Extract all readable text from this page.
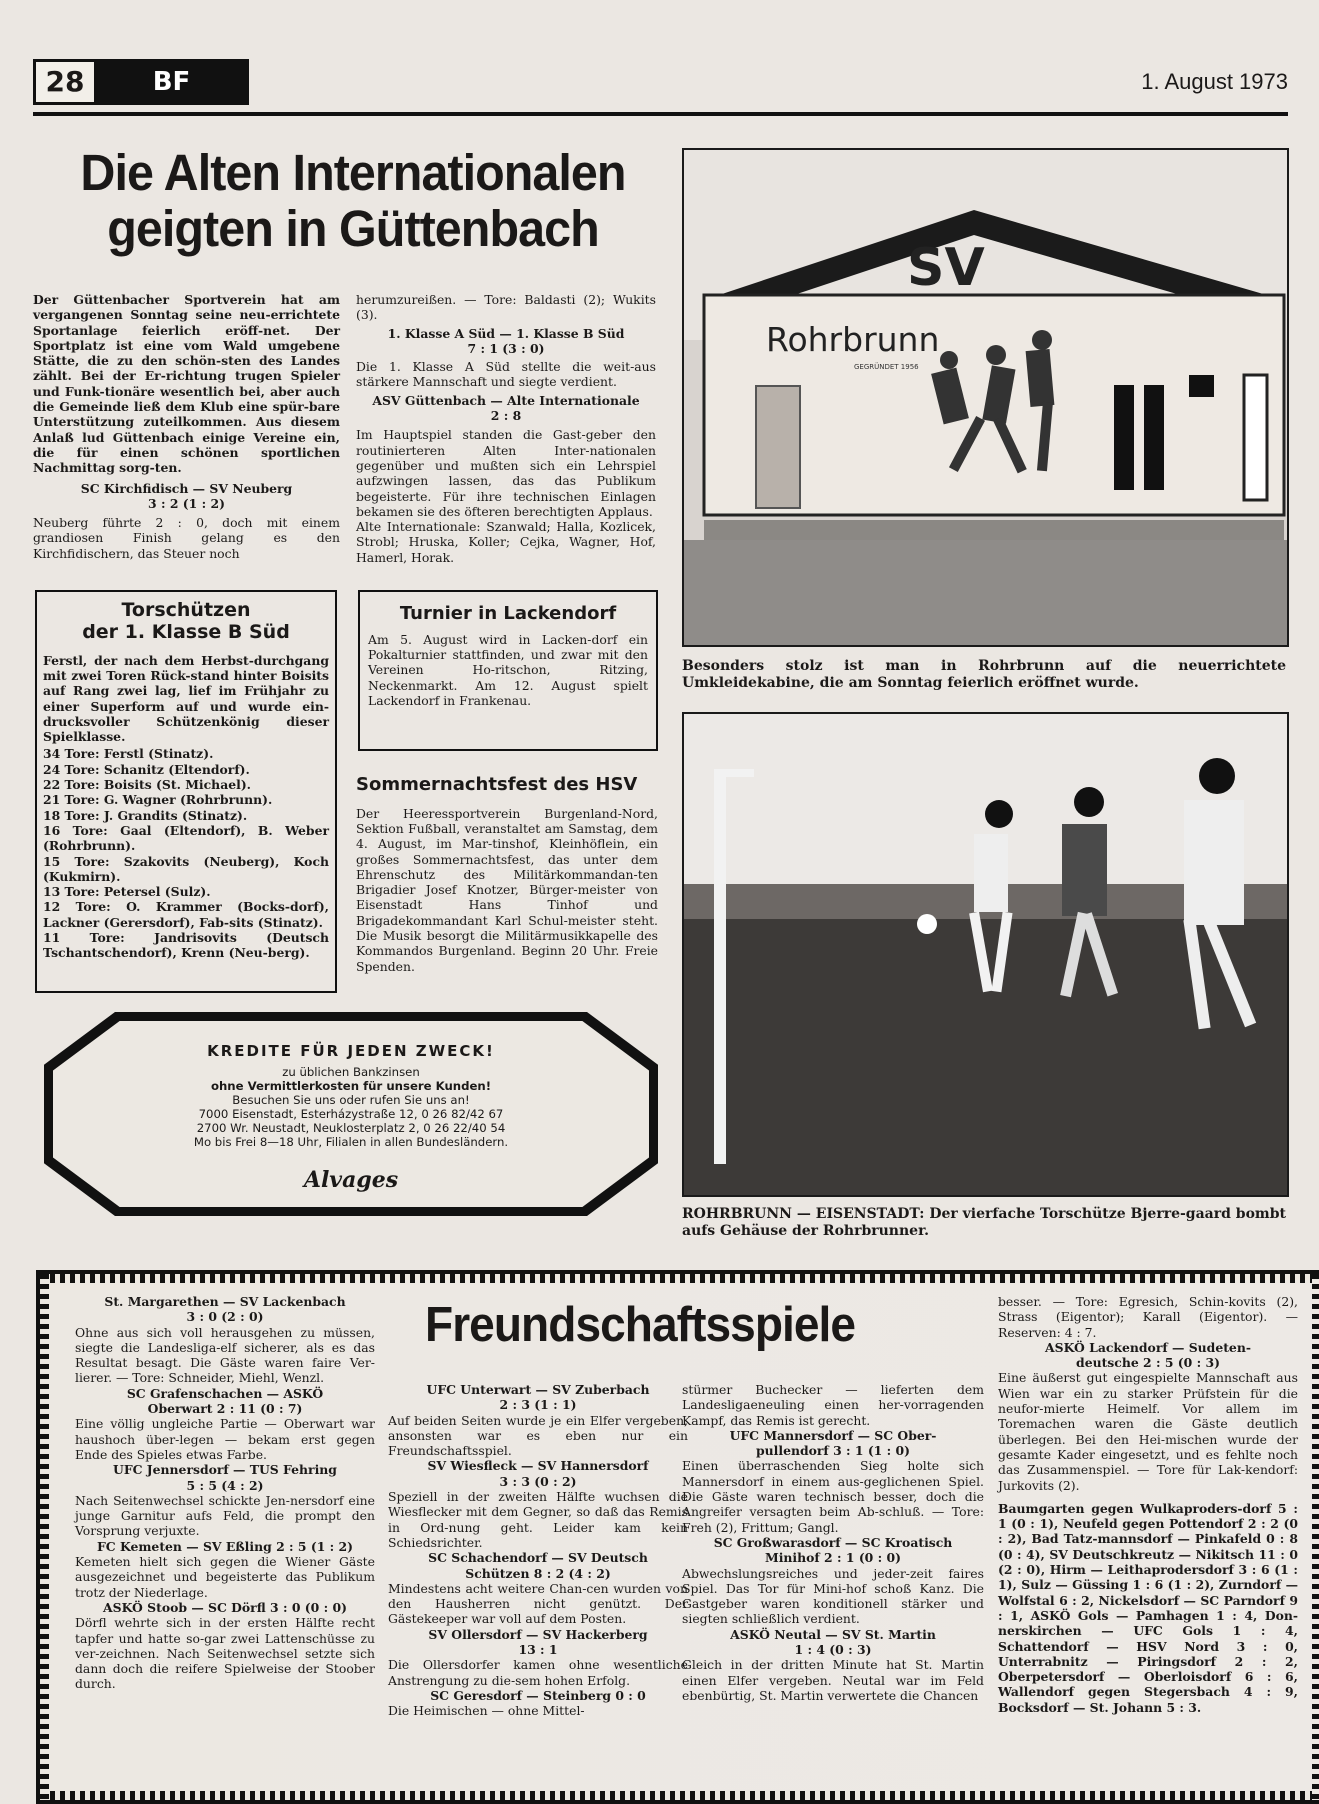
28	BF	1. August 1973
Die Alten Internationalen
geigten in Güttenbach
Der Güttenbacher Sportverein hat am vergangenen Sonntag seine neu-errichtete Sportanlage feierlich eröff-net. Der Sportplatz ist eine vom Wald umgebene Stätte, die zu den schön-sten des Landes zählt. Bei der Er-richtung trugen Spieler und Funk-tionäre wesentlich bei, aber auch die Gemeinde ließ dem Klub eine spür-bare Unterstützung zuteilkommen. Aus diesem Anlaß lud Güttenbach einige Vereine ein, die für einen schönen sportlichen Nachmittag sorg-ten.
SC Kirchfidisch — SV Neuberg
3 : 2 (1 : 2)
Neuberg führte 2 : 0, doch mit einem grandiosen Finish gelang es den Kirchfidischern, das Steuer noch
herumzureißen. — Tore: Baldasti (2); Wukits (3).
1. Klasse A Süd — 1. Klasse B Süd
7 : 1 (3 : 0)
Die 1. Klasse A Süd stellte die weit-aus stärkere Mannschaft und siegte verdient.
ASV Güttenbach — Alte Internationale
2 : 8
Im Hauptspiel standen die Gast-geber den routinierteren Alten Inter-nationalen gegenüber und mußten sich ein Lehrspiel aufzwingen lassen, das das Publikum begeisterte. Für ihre technischen Einlagen bekamen sie des öfteren berechtigten Applaus.
Alte Internationale: Szanwald; Halla, Kozlicek, Strobl; Hruska, Koller; Cejka, Wagner, Hof, Hamerl, Horak.
Torschützen
der 1. Klasse B Süd
Ferstl, der nach dem Herbst-durchgang mit zwei Toren Rück-stand hinter Boisits auf Rang zwei lag, lief im Frühjahr zu einer Superform auf und wurde ein-drucksvoller Schützenkönig dieser Spielklasse.
34 Tore: Ferstl (Stinatz).
24 Tore: Schanitz (Eltendorf).
22 Tore: Boisits (St. Michael).
21 Tore: G. Wagner (Rohrbrunn).
18 Tore: J. Grandits (Stinatz).
16 Tore: Gaal (Eltendorf), B. Weber (Rohrbrunn).
15 Tore: Szakovits (Neuberg), Koch (Kukmirn).
13 Tore: Petersel (Sulz).
12 Tore: O. Krammer (Bocks-dorf), Lackner (Gerersdorf), Fab-sits (Stinatz).
11 Tore: Jandrisovits (Deutsch Tschantschendorf), Krenn (Neu-berg).
Turnier in Lackendorf
Am 5. August wird in Lacken-dorf ein Pokalturnier stattfinden, und zwar mit den Vereinen Ho-ritschon, Ritzing, Neckenmarkt. Am 12. August spielt Lackendorf in Frankenau.
Sommernachtsfest des HSV
Der Heeressportverein Burgenland-Nord, Sektion Fußball, veranstaltet am Samstag, dem 4. August, im Mar-tinshof, Kleinhöflein, ein großes Sommernachtsfest, das unter dem Ehrenschutz des Militärkommandan-ten Brigadier Josef Knotzer, Bürger-meister von Eisenstadt Hans Tinhof und Brigadekommandant Karl Schul-meister steht. Die Musik besorgt die Militärmusikkapelle des Kommandos Burgenland. Beginn 20 Uhr. Freie Spenden.
KREDITE FÜR JEDEN ZWECK!
zu üblichen Bankzinsen
ohne Vermittlerkosten für unsere Kunden!
Besuchen Sie uns oder rufen Sie uns an!
7000 Eisenstadt, Esterházystraße 12, 0 26 82/42 67
2700 Wr. Neustadt, Neuklosterplatz 2, 0 26 22/40 54
Mo bis Frei 8—18 Uhr, Filialen in allen Bundesländern.
Alvages
SV
Rohrbrunn
GEGRÜNDET 1956
Besonders stolz ist man in Rohrbrunn auf die neuerrichtete Umkleidekabine, die am Sonntag feierlich eröffnet wurde.
ROHRBRUNN — EISENSTADT: Der vierfache Torschütze Bjerre-gaard bombt aufs Gehäuse der Rohrbrunner.
St. Margarethen — SV Lackenbach
3 : 0 (2 : 0)
Ohne aus sich voll herausgehen zu müssen, siegte die Landesliga-elf sicherer, als es das Resultat besagt. Die Gäste waren faire Ver-lierer. — Tore: Schneider, Miehl, Wenzl.
SC Grafenschachen — ASKÖ
Oberwart 2 : 11 (0 : 7)
Eine völlig ungleiche Partie — Oberwart war haushoch über-legen — bekam erst gegen Ende des Spieles etwas Farbe.
UFC Jennersdorf — TUS Fehring
5 : 5 (4 : 2)
Nach Seitenwechsel schickte Jen-nersdorf eine junge Garnitur aufs Feld, die prompt den Vorsprung verjuxte.
FC Kemeten — SV Eßling 2 : 5 (1 : 2)
Kemeten hielt sich gegen die Wiener Gäste ausgezeichnet und begeisterte das Publikum trotz der Niederlage.
ASKÖ Stoob — SC Dörfl 3 : 0 (0 : 0)
Dörfl wehrte sich in der ersten Hälfte recht tapfer und hatte so-gar zwei Lattenschüsse zu ver-zeichnen. Nach Seitenwechsel setzte sich dann doch die reifere Spielweise der Stoober durch.
Freundschaftsspiele
UFC Unterwart — SV Zuberbach
2 : 3 (1 : 1)
Auf beiden Seiten wurde je ein Elfer vergeben, ansonsten war es eben nur ein Freundschaftsspiel.
SV Wiesfleck — SV Hannersdorf
3 : 3 (0 : 2)
Speziell in der zweiten Hälfte wuchsen die Wiesflecker mit dem Gegner, so daß das Remis in Ord-nung geht. Leider kam kein Schiedsrichter.
SC Schachendorf — SV Deutsch
Schützen 8 : 2 (4 : 2)
Mindestens acht weitere Chan-cen wurden von den Hausherren nicht genützt. Der Gästekeeper war voll auf dem Posten.
SV Ollersdorf — SV Hackerberg
13 : 1
Die Ollersdorfer kamen ohne wesentliche Anstrengung zu die-sem hohen Erfolg.
SC Geresdorf — Steinberg 0 : 0
Die Heimischen — ohne Mittel-
stürmer Buchecker — lieferten dem Landesligaeneuling einen her-vorragenden Kampf, das Remis ist gerecht.
UFC Mannersdorf — SC Ober-
pullendorf 3 : 1 (1 : 0)
Einen überraschenden Sieg holte sich Mannersdorf in einem aus-geglichenen Spiel. Die Gäste waren technisch besser, doch die Angreifer versagten beim Ab-schluß. — Tore: Freh (2), Frittum; Gangl.
SC Großwarasdorf — SC Kroatisch
Minihof 2 : 1 (0 : 0)
Abwechslungsreiches und jeder-zeit faires Spiel. Das Tor für Mini-hof schoß Kanz. Die Gastgeber waren konditionell stärker und siegten schließlich verdient.
ASKÖ Neutal — SV St. Martin
1 : 4 (0 : 3)
Gleich in der dritten Minute hat St. Martin einen Elfer vergeben. Neutal war im Feld ebenbürtig, St. Martin verwertete die Chancen
besser. — Tore: Egresich, Schin-kovits (2), Strass (Eigentor); Karall (Eigentor). — Reserven: 4 : 7.
ASKÖ Lackendorf — Sudeten-
deutsche 2 : 5 (0 : 3)
Eine äußerst gut eingespielte Mannschaft aus Wien war ein zu starker Prüfstein für die neufor-mierte Heimelf. Vor allem im Toremachen waren die Gäste deutlich überlegen. Bei den Hei-mischen wurde der gesamte Kader eingesetzt, und es fehlte noch das Zusammenspiel. — Tore für Lak-kendorf: Jurkovits (2).
Baumgarten gegen Wulkaproders-dorf 5 : 1 (0 : 1), Neufeld gegen Pottendorf 2 : 2 (0 : 2), Bad Tatz-mannsdorf — Pinkafeld 0 : 8 (0 : 4), SV Deutschkreutz — Nikitsch 11 : 0 (2 : 0), Hirm — Leithaprodersdorf 3 : 6 (1 : 1), Sulz — Güssing 1 : 6 (1 : 2), Zurndorf — Wolfstal 6 : 2, Nickelsdorf — SC Parndorf 9 : 1, ASKÖ Gols — Pamhagen 1 : 4, Don-nerskirchen — UFC Gols 1 : 4, Schattendorf — HSV Nord 3 : 0, Unterrabnitz — Piringsdorf 2 : 2, Oberpetersdorf — Oberloisdorf 6 : 6, Wallendorf gegen Stegersbach 4 : 9, Bocksdorf — St. Johann 5 : 3.
